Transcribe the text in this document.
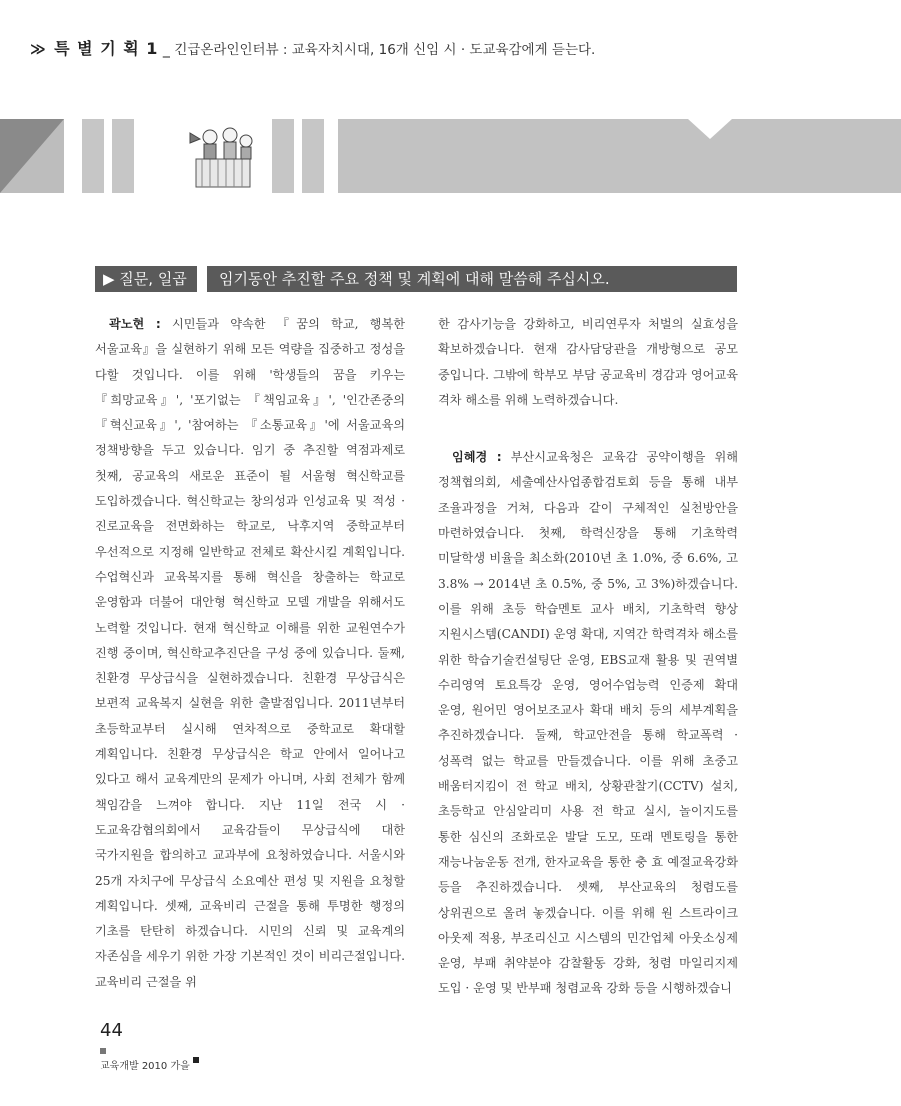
≫ 특 별 기 획 1 _ 긴급온라인인터뷰 : 교육자치시대, 16개 신임 시 · 도교육감에게 듣는다.
▶ 질문, 일곱	임기동안 추진할 주요 정책 및 계획에 대해 말씀해 주십시오.

곽노현 : 시민들과 약속한 『꿈의 학교, 행복한 서울교육』을 실현하기 위해 모든 역량을 집중하고 정성을 다할 것입니다. 이를 위해 '학생들의 꿈을 키우는 『희망교육』', '포기없는 『책임교육』', '인간존중의 『혁신교육』', '참여하는 『소통교육』'에 서울교육의 정책방향을 두고 있습니다. 임기 중 추진할 역점과제로 첫째, 공교육의 새로운 표준이 될 서울형 혁신학교를 도입하겠습니다. 혁신학교는 창의성과 인성교육 및 적성 · 진로교육을 전면화하는 학교로, 낙후지역 중학교부터 우선적으로 지정해 일반학교 전체로 확산시킬 계획입니다. 수업혁신과 교육복지를 통해 혁신을 창출하는 학교로 운영함과 더불어 대안형 혁신학교 모델 개발을 위해서도 노력할 것입니다. 현재 혁신학교 이해를 위한 교원연수가 진행 중이며, 혁신학교추진단을 구성 중에 있습니다. 둘째, 친환경 무상급식을 실현하겠습니다. 친환경 무상급식은 보편적 교육복지 실현을 위한 출발점입니다. 2011년부터 초등학교부터 실시해 연차적으로 중학교로 확대할 계획입니다. 친환경 무상급식은 학교 안에서 일어나고 있다고 해서 교육계만의 문제가 아니며, 사회 전체가 함께 책임감을 느껴야 합니다. 지난 11일 전국 시 · 도교육감협의회에서 교육감들이 무상급식에 대한 국가지원을 합의하고 교과부에 요청하였습니다. 서울시와 25개 자치구에 무상급식 소요예산 편성 및 지원을 요청할 계획입니다. 셋째, 교육비리 근절을 통해 투명한 행정의 기초를 탄탄히 하겠습니다. 시민의 신뢰 및 교육계의 자존심을 세우기 위한 가장 기본적인 것이 비리근절입니다. 교육비리 근절을 위

한 감사기능을 강화하고, 비리연루자 처벌의 실효성을 확보하겠습니다. 현재 감사담당관을 개방형으로 공모 중입니다. 그밖에 학부모 부담 공교육비 경감과 영어교육 격차 해소를 위해 노력하겠습니다.

임혜경 : 부산시교육청은 교육감 공약이행을 위해 정책협의회, 세출예산사업종합검토회 등을 통해 내부 조율과정을 거쳐, 다음과 같이 구체적인 실천방안을 마련하였습니다. 첫째, 학력신장을 통해 기초학력 미달학생 비율을 최소화(2010년 초 1.0%, 중 6.6%, 고 3.8% → 2014년 초 0.5%, 중 5%, 고 3%)하겠습니다. 이를 위해 초등 학습멘토 교사 배치, 기초학력 향상 지원시스템(CANDI) 운영 확대, 지역간 학력격차 해소를 위한 학습기술컨설팅단 운영, EBS교재 활용 및 권역별 수리영역 토요특강 운영, 영어수업능력 인증제 확대 운영, 원어민 영어보조교사 확대 배치 등의 세부계획을 추진하겠습니다. 둘째, 학교안전을 통해 학교폭력 · 성폭력 없는 학교를 만들겠습니다. 이를 위해 초중고 배움터지킴이 전 학교 배치, 상황관찰기(CCTV) 설치, 초등학교 안심알리미 사용 전 학교 실시, 놀이지도를 통한 심신의 조화로운 발달 도모, 또래 멘토링을 통한 재능나눔운동 전개, 한자교육을 통한 충 효 예절교육강화 등을 추진하겠습니다. 셋째, 부산교육의 청렴도를 상위권으로 올려 놓겠습니다. 이를 위해 원 스트라이크 아웃제 적용, 부조리신고 시스템의 민간업체 아웃소싱제 운영, 부패 취약분야 감찰활동 강화, 청렴 마일리지제 도입 · 운영 및 반부패 청렴교육 강화 등을 시행하겠습니

44

교육개발 2010 가을
